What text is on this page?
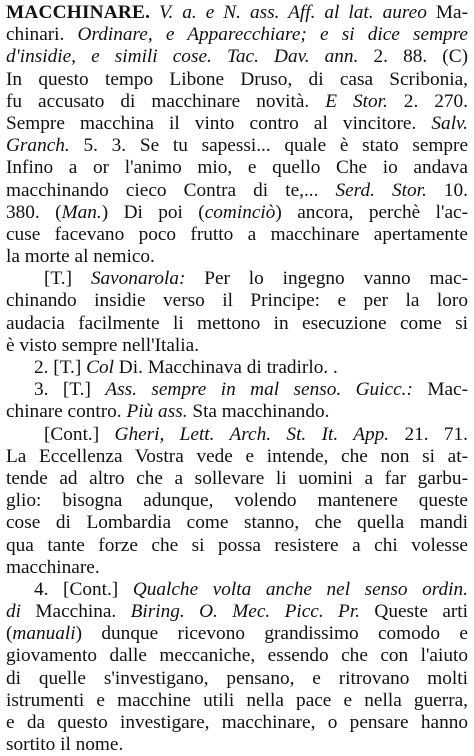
MACCHINARE. V. a. e N. ass. Aff. al lat. aureo Ma-
chinari. Ordinare, e Apparecchiare; e si dice sempre
d'insidie, e simili cose. Tac. Dav. ann. 2. 88. (C)
In questo tempo Libone Druso, di casa Scribonia,
fu accusato di macchinare novità. E Stor. 2. 270.
Sempre macchina il vinto contro al vincitore. Salv.
Granch. 5. 3. Se tu sapessi... quale è stato sempre
Infino a or l'animo mio, e quello Che io andava
macchinando cieco Contra di te,... Serd. Stor. 10.
380. (Man.) Di poi (cominciò) ancora, perchè l'ac-
cuse facevano poco frutto a macchinare apertamente
la morte al nemico.
[T.] Savonarola: Per lo ingegno vanno mac-
chinando insidie verso il Principe: e per la loro
audacia facilmente li mettono in esecuzione come si
è visto sempre nell'Italia.
2. [T.] Col Di. Macchinava di tradirlo. .
3. [T.] Ass. sempre in mal senso. Guicc.: Mac-
chinare contro. Più ass. Sta macchinando.
[Cont.] Gheri, Lett. Arch. St. It. App. 21. 71.
La Eccellenza Vostra vede e intende, che non si at-
tende ad altro che a sollevare li uomini a far garbu-
glio: bisogna adunque, volendo mantenere queste
cose di Lombardia come stanno, che quella mandi
qua tante forze che si possa resistere a chi volesse
macchinare.
4. [Cont.] Qualche volta anche nel senso ordin.
di Macchina. Biring. O. Mec. Picc. Pr. Queste arti
(manuali) dunque ricevono grandissimo comodo e
giovamento dalle meccaniche, essendo che con l'aiuto
di quelle s'investigano, pensano, e ritrovano molti
istrumenti e macchine utili nella pace e nella guerra,
e da questo investigare, macchinare, o pensare hanno
sortito il nome.
